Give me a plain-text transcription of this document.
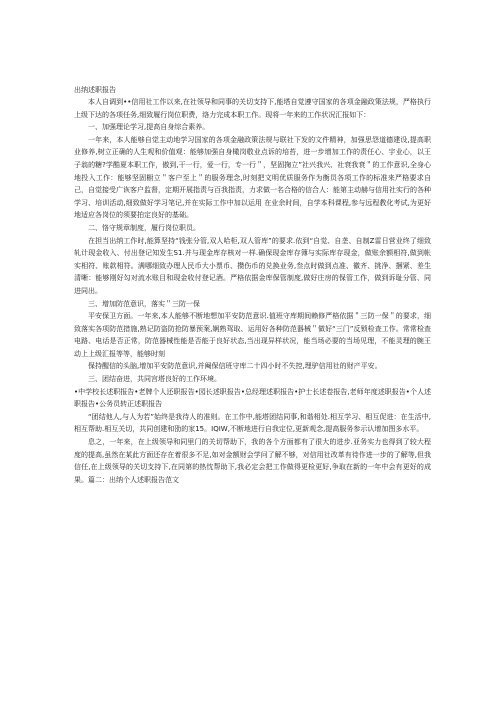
出纳述职报告

本人自调到••信用社工作以来,在社领导和同事的关切支持下,能塔自觉遵守国家的各项金融政策法规，严格执行上级下达的各项任务,细致履行岗位职费，络力完成本职工作。现将一年来的工作状况汇报如下：

一、加强理论学习,提高自身综合素养。

一年来，本人能够自觉主动地学习国家的各项金融政策法规与联社下发的文件精神，加强思怨道德建设,提高职业修养,树立正确的人生观和价值观：能够加强自身橄岗敬业点诉的培苔，进一步增加工作的责任心、宇业心，以王子翁的糖?学酷夏本职工作，傲到,干一行，爱一行，专一行＂，坚固掬立”社兴我兴、社衰我衰＂的工作意识,全身心地投入工作：能够坚固橱立＂客户至上＂的服务理念,时刻把文明优质服务作为衡员各项工作的标准来严格要求自己，自觉接受广诙客户监督，定期开展指责与百我指责，力求做一名合格的信合人：能第主动赫与信用社实行的各种学习、培训活动,细致做好学习笔记,并在实际工作中加以运用 在业余时间，自学本科课程,参与远程教化考试,为更好地适应各岗位的须要拍定良好的基础。

二、恪守规章制度，履行岗位职员。

在担当出纳工作时,能算坚持“钱张分管,双人哈柜,双人管库”的要求.依到“自觉、自垄、自制Z雷日营业终了细致轧计现金收入、付出登记知发生S1.并与现金库存核对一样.确保现金库存簿与实际库存现金，做账余额相符,做到帐实相符、账款相符。满哪细致办理人民币大小票币、攒伤币的兑换业务,叁点时做到点准、徽齐、挑净、捆紧、差生清晰：能够刚好勾对流水账目和现金收付登记酒。严格依据金库保管制度,做好庄房的保管工作，做到诉耻分管、同进同出。

三、增加防范意识，落实＂三防一保

平安保卫方面。一年来,本人能够不断地想加平安防范意识.值班守库期间赖修严格依据＂三防一保＂的要求，细致落实各项防范措施,熟记防盗防抢防暴预案,娴熟驾取、运用好各种防范器械＂做好“三门”反锁检查工作。常常检查电路、电话是否正常，防范器械性能是否能于良好状态,当出现异样状况，能当场必要的当场见理，不能灵理的腕王动上上级汇报等等，能够时刻

保持醒信的头脑,增加平安防范意识,并阉保信班守库二十四小时不失控,理驴信用社的财产平安。

三、团结奋进，共同宫塔良好的工作环境。

•中学校长述职报告•老牌个人还职报告•园长述职报告•总经理述职报告•护士长述卷报告,老师年度述职报告•个人述职报告•公务员转正述职报告

“团结他人,与人为若”始终是我待人的准则。在工作中,能塔团结同事,和谐相处.相互学习、相互促进：在生活中,相互帮助.相互关切，共同创建和劭的家15。IQIW,不断地进行自我定位,更新观念,提高服务参示认增加图多水平。

息之，一年来，在上级领导和同里门的关切帮助下，我的各个方面都有了很大的进步.亚务实力也得到了较大程度的提高,虽然在某此方面还存在着很多不足,如对金额财会学问了解不够，对信用社改革有待作进一步的了解等,但我信任,在上级领导的关切支持下,在同第的热忱帮助下,我必定会把工作做得更检更好,争取在新的一年中会有更好的成果。篇二：出纳个人述职报告范文
